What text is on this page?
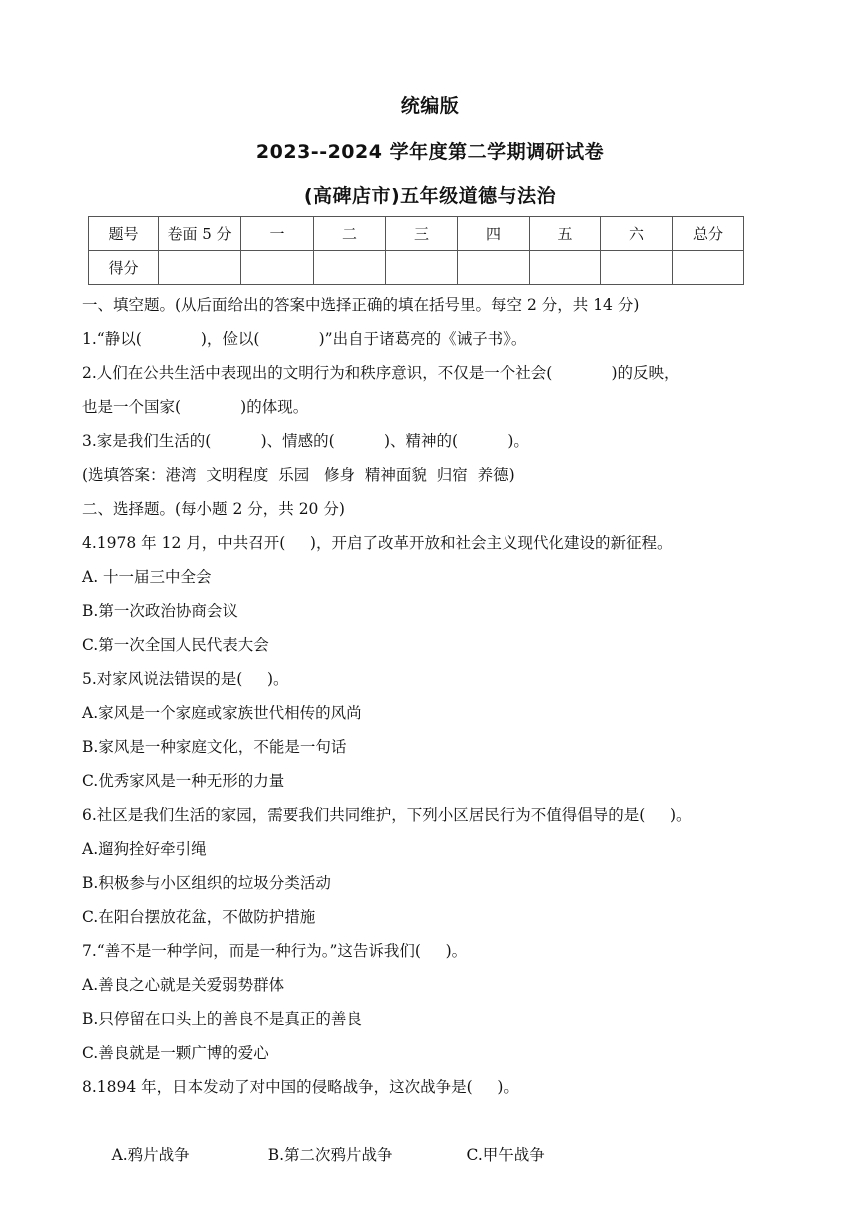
统编版
2023--2024 学年度第二学期调研试卷
(高碑店市)五年级道德与法治
题号	卷面 5 分	一	二	三	四	五	六	总分
得分								
一、填空题。(从后面给出的答案中选择正确的填在括号里。每空 2 分，共 14 分)
1.“静以(            )，俭以(            )”出自于诸葛亮的《诫子书》。
2.人们在公共生活中表现出的文明行为和秩序意识，不仅是一个社会(            )的反映，
也是一个国家(            )的体现。
3.家是我们生活的(          )、情感的(          )、精神的(          )。
(选填答案：港湾  文明程度  乐园   修身  精神面貌  归宿  养德)
二、选择题。(每小题 2 分，共 20 分)
4.1978 年 12 月，中共召开(     )，开启了改革开放和社会主义现代化建设的新征程。
A. 十一届三中全会
B.第一次政治协商会议
C.第一次全国人民代表大会
5.对家风说法错误的是(     )。
A.家风是一个家庭或家族世代相传的风尚
B.家风是一种家庭文化，不能是一句话
C.优秀家风是一种无形的力量
6.社区是我们生活的家园，需要我们共同维护，下列小区居民行为不值得倡导的是(     )。
A.遛狗拴好牵引绳
B.积极参与小区组织的垃圾分类活动
C.在阳台摆放花盆，不做防护措施
7.“善不是一种学问，而是一种行为。”这告诉我们(     )。
A.善良之心就是关爱弱势群体
B.只停留在口头上的善良不是真正的善良
C.善良就是一颗广博的爱心
8.1894 年，日本发动了对中国的侵略战争，这次战争是(     )。

A.鸦片战争	B.第二次鸦片战争	C.甲午战争
